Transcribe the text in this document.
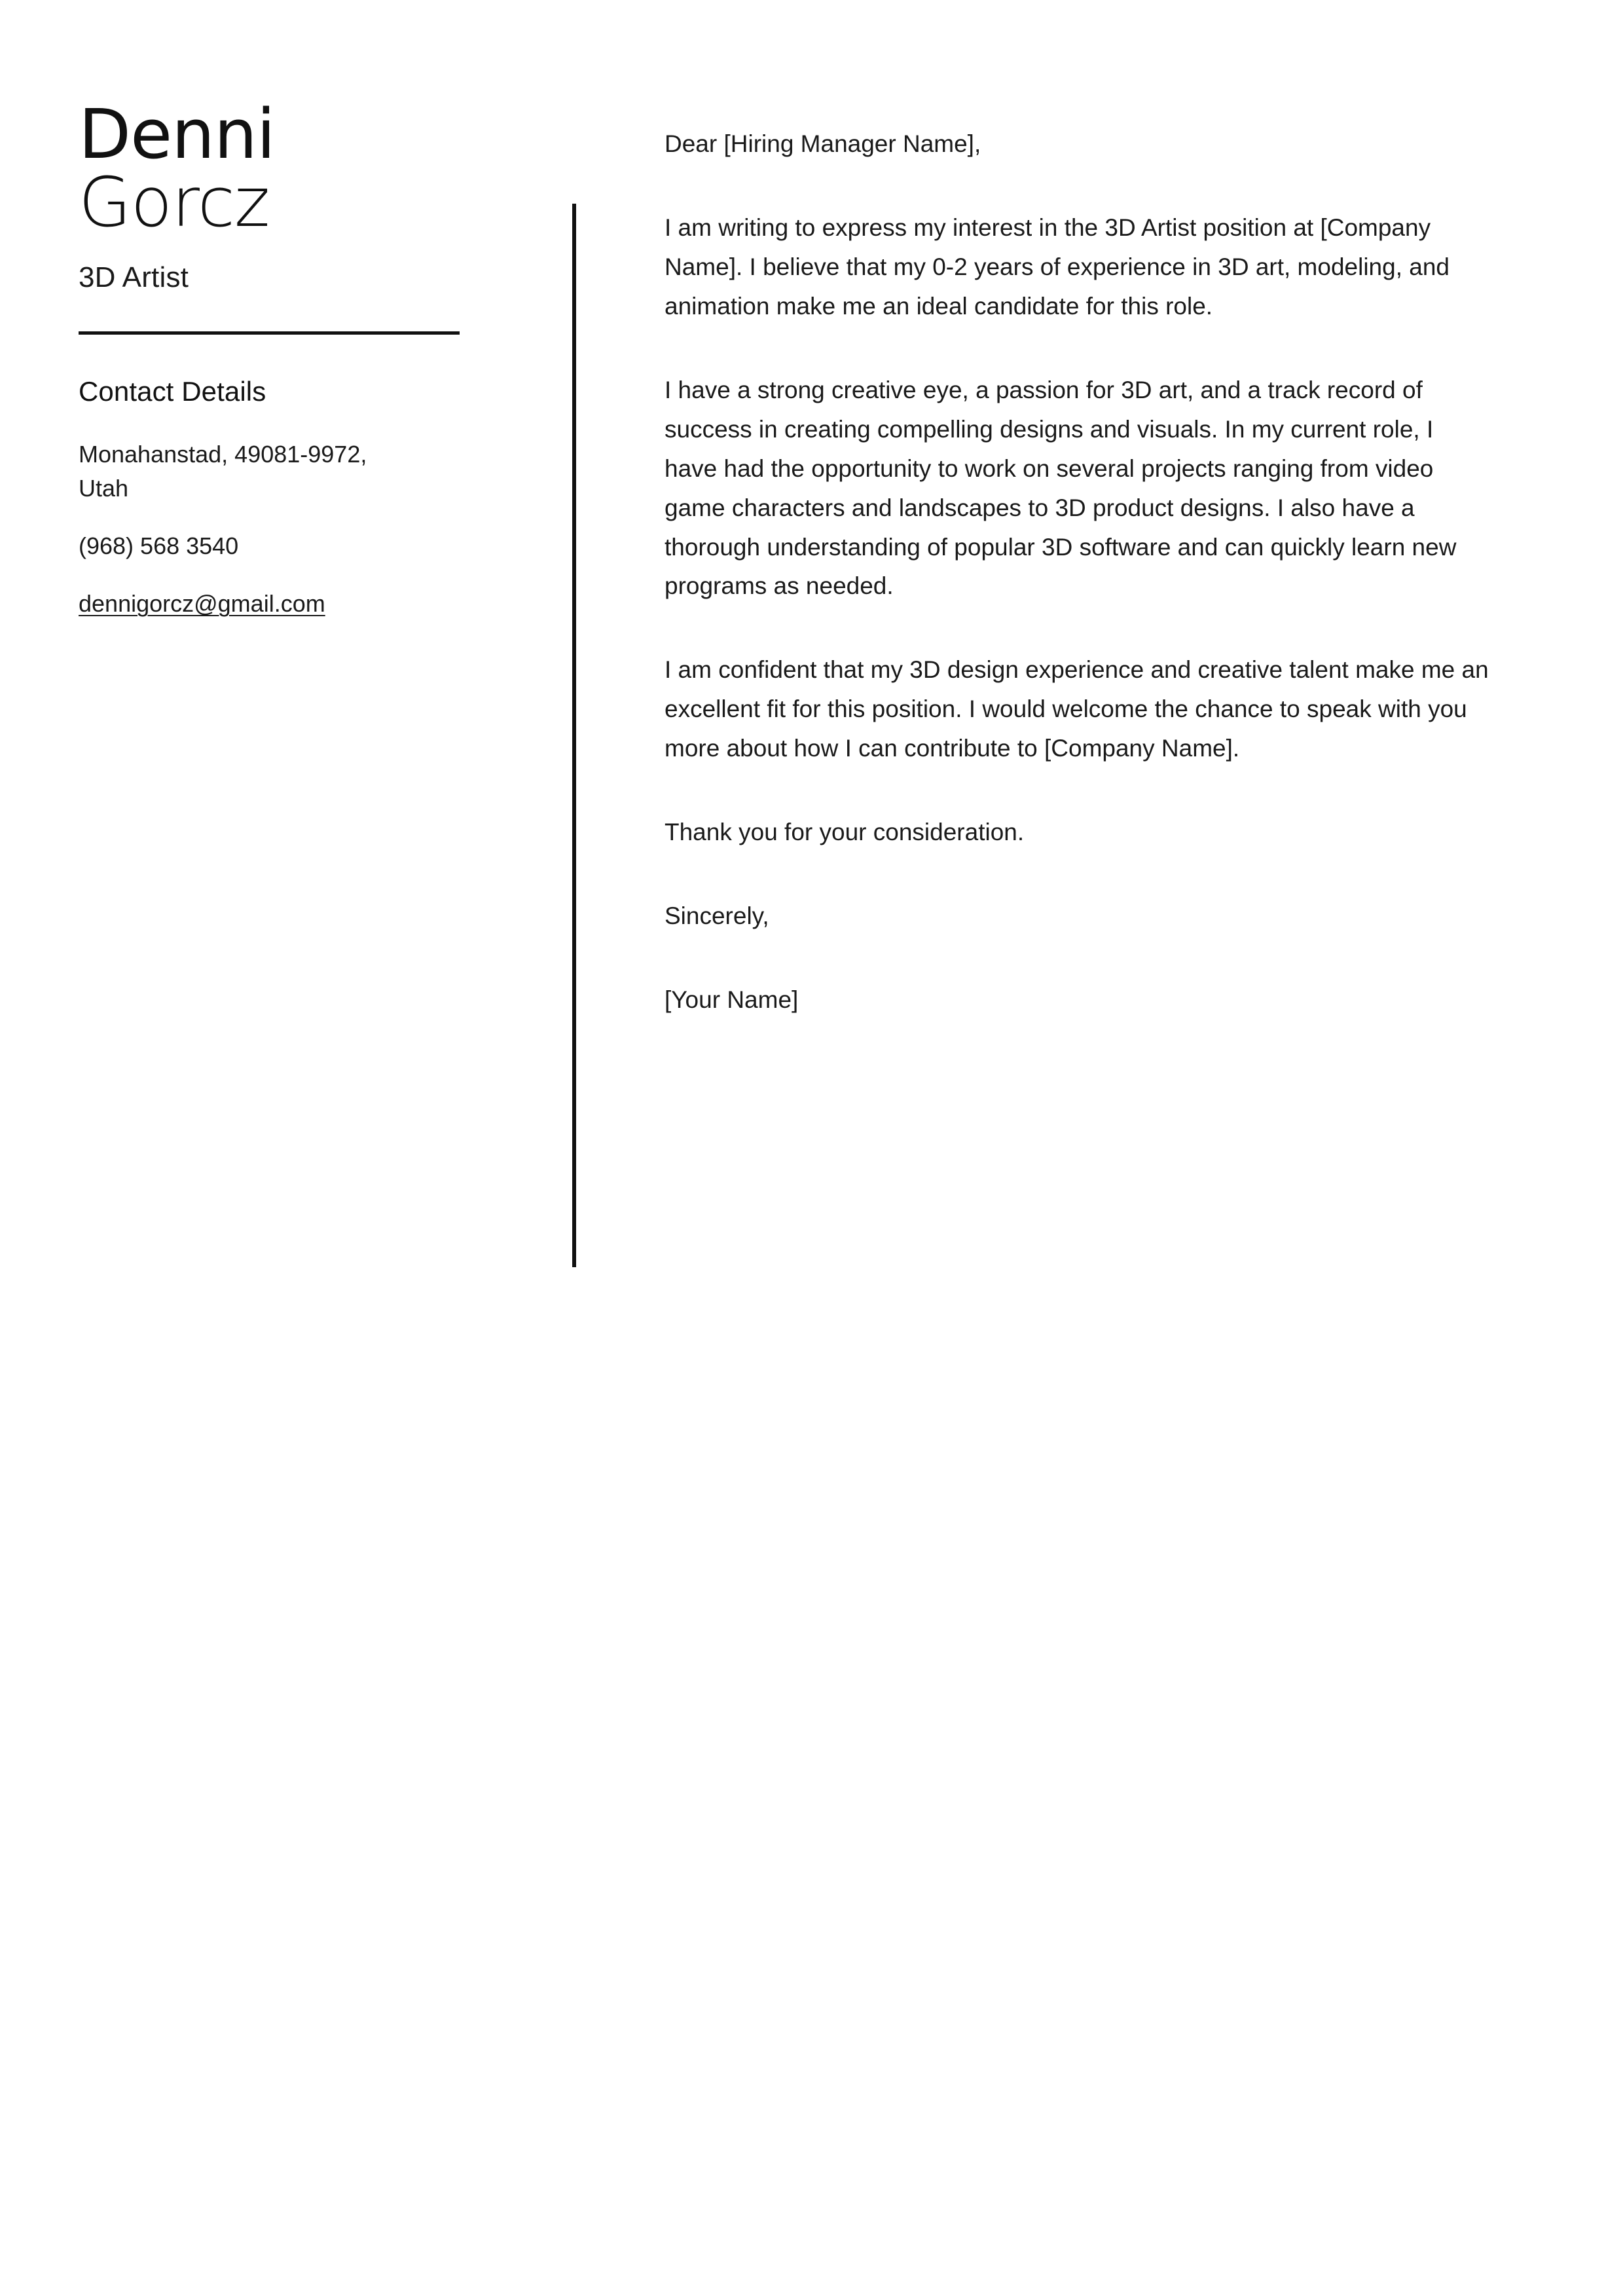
Denni
Gorcz
3D Artist
Contact Details
Monahanstad, 49081-9972, Utah
(968) 568 3540
dennigorcz@gmail.com

Dear [Hiring Manager Name],

I am writing to express my interest in the 3D Artist position at [Company Name]. I believe that my 0-2 years of experience in 3D art, modeling, and animation make me an ideal candidate for this role.

I have a strong creative eye, a passion for 3D art, and a track record of success in creating compelling designs and visuals. In my current role, I have had the opportunity to work on several projects ranging from video game characters and landscapes to 3D product designs. I also have a thorough understanding of popular 3D software and can quickly learn new programs as needed.

I am confident that my 3D design experience and creative talent make me an excellent fit for this position. I would welcome the chance to speak with you more about how I can contribute to [Company Name].

Thank you for your consideration.

Sincerely,

[Your Name]
